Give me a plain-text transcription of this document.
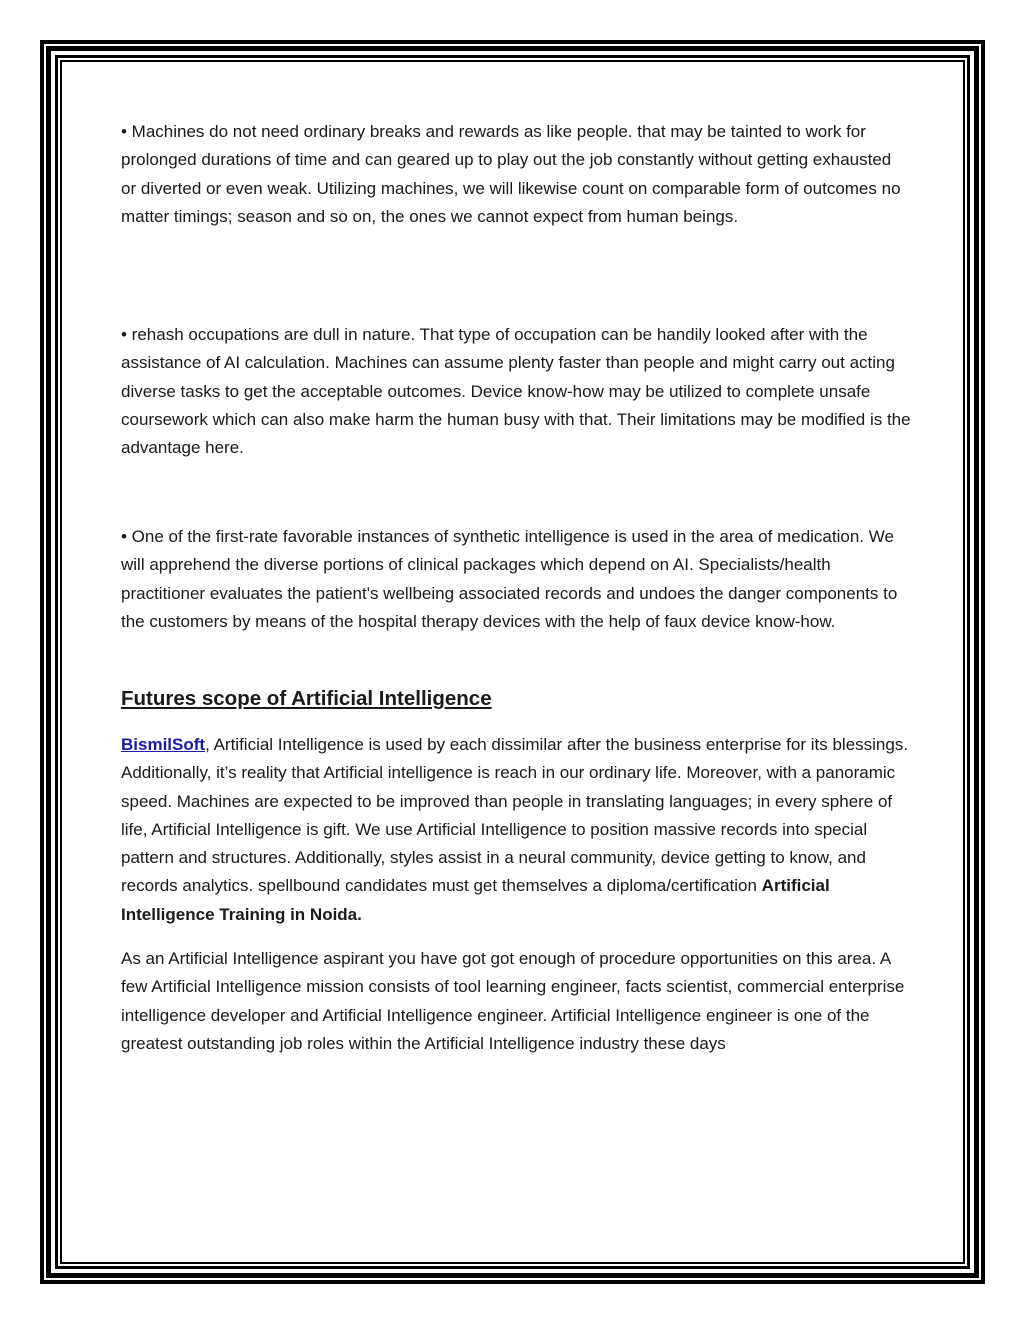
• Machines do not need ordinary breaks and rewards as like people. that may be tainted to work for prolonged durations of time and can geared up to play out the job constantly without getting exhausted or diverted or even weak. Utilizing machines, we will likewise count on comparable form of outcomes no matter timings; season and so on, the ones we cannot expect from human beings.

• rehash occupations are dull in nature. That type of occupation can be handily looked after with the assistance of AI calculation. Machines can assume plenty faster than people and might carry out acting diverse tasks to get the acceptable outcomes. Device know-how may be utilized to complete unsafe coursework which can also make harm the human busy with that. Their limitations may be modified is the advantage here.

• One of the first-rate favorable instances of synthetic intelligence is used in the area of medication. We will apprehend the diverse portions of clinical packages which depend on AI. Specialists/health practitioner evaluates the patient's wellbeing associated records and undoes the danger components to the customers by means of the hospital therapy devices with the help of faux device know-how.

Futures scope of Artificial Intelligence

BismilSoft, Artificial Intelligence is used by each dissimilar after the business enterprise for its blessings. Additionally, it’s reality that Artificial intelligence is reach in our ordinary life. Moreover, with a panoramic speed. Machines are expected to be improved than people in translating languages; in every sphere of life, Artificial Intelligence is gift. We use Artificial Intelligence to position massive records into special pattern and structures. Additionally, styles assist in a neural community, device getting to know, and records analytics. spellbound candidates must get themselves a diploma/certification Artificial Intelligence Training in Noida.

As an Artificial Intelligence aspirant you have got got enough of procedure opportunities on this area. A few Artificial Intelligence mission consists of tool learning engineer, facts scientist, commercial enterprise intelligence developer and Artificial Intelligence engineer. Artificial Intelligence engineer is one of the greatest outstanding job roles within the Artificial Intelligence industry these days
